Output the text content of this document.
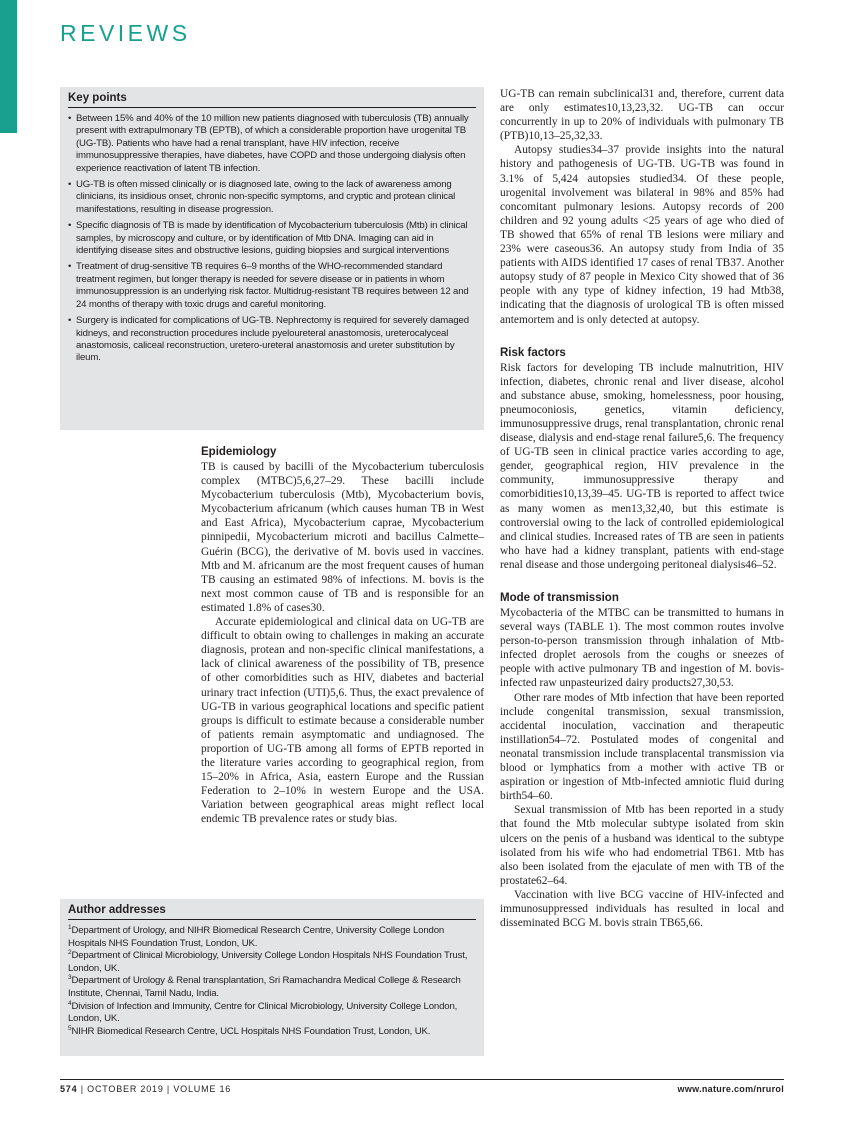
REVIEWS
Key points
• Between 15% and 40% of the 10 million new patients diagnosed with tuberculosis (TB) annually present with extrapulmonary TB (EPTB), of which a considerable proportion have urogenital TB (UG-TB). Patients who have had a renal transplant, have HIV infection, receive immunosuppressive therapies, have diabetes, have COPD and those undergoing dialysis often experience reactivation of latent TB infection.
• UG-TB is often missed clinically or is diagnosed late, owing to the lack of awareness among clinicians, its insidious onset, chronic non-specific symptoms, and cryptic and protean clinical manifestations, resulting in disease progression.
• Specific diagnosis of TB is made by identification of Mycobacterium tuberculosis (Mtb) in clinical samples, by microscopy and culture, or by identification of Mtb DNA. Imaging can aid in identifying disease sites and obstructive lesions, guiding biopsies and surgical interventions
• Treatment of drug-sensitive TB requires 6–9 months of the WHO-recommended standard treatment regimen, but longer therapy is needed for severe disease or in patients in whom immunosuppression is an underlying risk factor. Multidrug-resistant TB requires between 12 and 24 months of therapy with toxic drugs and careful monitoring.
• Surgery is indicated for complications of UG-TB. Nephrectomy is required for severely damaged kidneys, and reconstruction procedures include pyeloureteral anastomosis, ureterocalyceal anastomosis, caliceal reconstruction, uretero-ureteral anastomosis and ureter substitution by ileum.
Epidemiology

TB is caused by bacilli of the Mycobacterium tuberculosis complex (MTBC)5,6,27–29. These bacilli include Mycobacterium tuberculosis (Mtb), Mycobacterium bovis, Mycobacterium africanum (which causes human TB in West and East Africa), Mycobacterium caprae, Mycobacterium pinnipedii, Mycobacterium microti and bacillus Calmette–Guérin (BCG), the derivative of M. bovis used in vaccines. Mtb and M. africanum are the most frequent causes of human TB causing an estimated 98% of infections. M. bovis is the next most common cause of TB and is responsible for an estimated 1.8% of cases30.

Accurate epidemiological and clinical data on UG-TB are difficult to obtain owing to challenges in making an accurate diagnosis, protean and non-specific clinical manifestations, a lack of clinical awareness of the possibility of TB, presence of other comorbidities such as HIV, diabetes and bacterial urinary tract infection (UTI)5,6. Thus, the exact prevalence of UG-TB in various geographical locations and specific patient groups is difficult to estimate because a considerable number of patients remain asymptomatic and undiagnosed. The proportion of UG-TB among all forms of EPTB reported in the literature varies according to geographical region, from 15–20% in Africa, Asia, eastern Europe and the Russian Federation to 2–10% in western Europe and the USA. Variation between geographical areas might reflect local endemic TB prevalence rates or study bias.

UG-TB can remain subclinical31 and, therefore, current data are only estimates10,13,23,32. UG-TB can occur concurrently in up to 20% of individuals with pulmonary TB (PTB)10,13–25,32,33.

Autopsy studies34–37 provide insights into the natural history and pathogenesis of UG-TB. UG-TB was found in 3.1% of 5,424 autopsies studied34. Of these people, urogenital involvement was bilateral in 98% and 85% had concomitant pulmonary lesions. Autopsy records of 200 children and 92 young adults <25 years of age who died of TB showed that 65% of renal TB lesions were miliary and 23% were caseous36. An autopsy study from India of 35 patients with AIDS identified 17 cases of renal TB37. Another autopsy study of 87 people in Mexico City showed that of 36 people with any type of kidney infection, 19 had Mtb38, indicating that the diagnosis of urological TB is often missed antemortem and is only detected at autopsy.

Risk factors

Risk factors for developing TB include malnutrition, HIV infection, diabetes, chronic renal and liver disease, alcohol and substance abuse, smoking, homelessness, poor housing, pneumoconiosis, genetics, vitamin deficiency, immunosuppressive drugs, renal transplantation, chronic renal disease, dialysis and end-stage renal failure5,6. The frequency of UG-TB seen in clinical practice varies according to age, gender, geographical region, HIV prevalence in the community, immunosuppressive therapy and comorbidities10,13,39–45. UG-TB is reported to affect twice as many women as men13,32,40, but this estimate is controversial owing to the lack of controlled epidemiological and clinical studies. Increased rates of TB are seen in patients who have had a kidney transplant, patients with end-stage renal disease and those undergoing peritoneal dialysis46–52.

Mode of transmission

Mycobacteria of the MTBC can be transmitted to humans in several ways (TABLE 1). The most common routes involve person-to-person transmission through inhalation of Mtb-infected droplet aerosols from the coughs or sneezes of people with active pulmonary TB and ingestion of M. bovis-infected raw unpasteurized dairy products27,30,53.

Other rare modes of Mtb infection that have been reported include congenital transmission, sexual transmission, accidental inoculation, vaccination and therapeutic instillation54–72. Postulated modes of congenital and neonatal transmission include transplacental transmission via blood or lymphatics from a mother with active TB or aspiration or ingestion of Mtb-infected amniotic fluid during birth54–60.

Sexual transmission of Mtb has been reported in a study that found the Mtb molecular subtype isolated from skin ulcers on the penis of a husband was identical to the subtype isolated from his wife who had endometrial TB61. Mtb has also been isolated from the ejaculate of men with TB of the prostate62–64.

Vaccination with live BCG vaccine of HIV-infected and immunosuppressed individuals has resulted in local and disseminated BCG M. bovis strain TB65,66.

Author addresses
$^1$Department of Urology, and NIHR Biomedical Research Centre, University College London Hospitals NHS Foundation Trust, London, UK.
$^2$Department of Clinical Microbiology, University College London Hospitals NHS Foundation Trust, London, UK.
$^3$Department of Urology & Renal transplantation, Sri Ramachandra Medical College & Research Institute, Chennai, Tamil Nadu, India.
$^4$Division of Infection and Immunity, Centre for Clinical Microbiology, University College London, London, UK.
$^5$NIHR Biomedical Research Centre, UCL Hospitals NHS Foundation Trust, London, UK.
574 | OCTOBER 2019 | VOLUME 16	www.nature.com/nrurol
